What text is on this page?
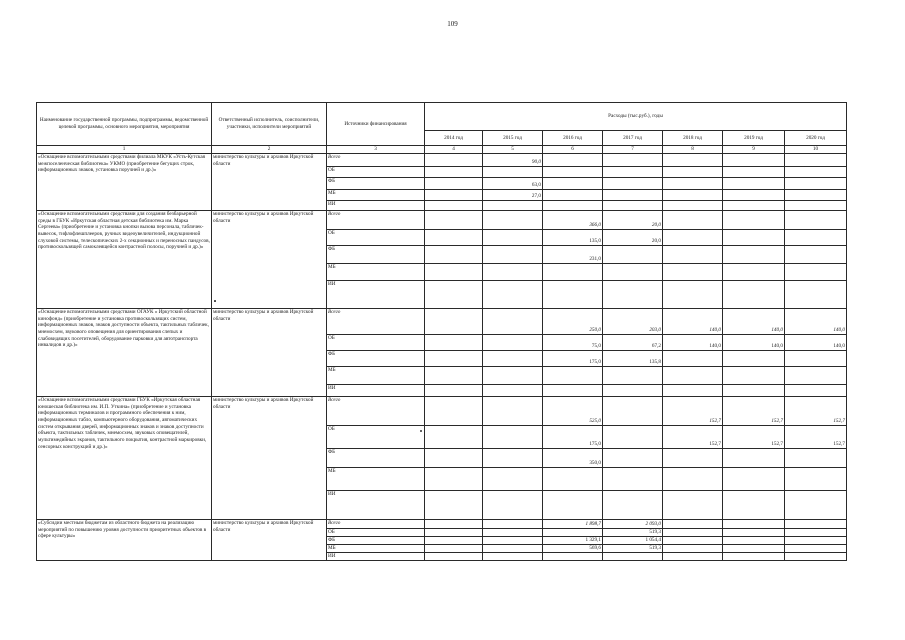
109
Наименование государственной программы, подпрограммы, ведомственной целевой программы, основного мероприятия, мероприятия	Ответственный исполнитель, соисполнители, участники, исполнители мероприятий	Источники финансирования	Расходы (тыс.руб.), годы						
			2014 год	2015 год	2016 год	2017 год	2018 год	2019 год	2020 год
1	2	3	4	5	6	7	8	9	10
«Оснащение вспомогательными средствами филиала МКУК «Усть-Кутская межпоселенческая библиотека» УКМО (приобретение бегущих строк, информационных знаков, установка поручней и др.)»	министерство культуры и архивов Иркутской области	Всего		90,0					
		ОБ							
		ФБ		63,0					
		МБ		27,0					
		ИИ							
«Оснащение вспомогательными средствами для создания безбарьерной среды в ГБУК «Иркутская областная детская библиотека им. Марка Сергеева» (приобретение и установка кнопки вызова персонала, табличек-вывесок, тифлофлешплееров, ручных видеоувеличителей, индукционной слуховой системы, телескопических 2-х секционных и переносных пандусов, противоскользящей самоклеящейся контрастной полосы, поручней и др.)»	министерство культуры и архивов Иркутской области	Всего			366,0	20,0			
		ОБ			135,0	20,0			
		ФБ			231,0				
		МБ							
		ИИ							
«Оснащение вспомогательными средствами ОГАУК « Иркутский областной кинофонд» (приобретение и установка противоскользящих систем, информационных знаков, знаков доступности объекта, тактильных табличек, мнемосхем, звукового оповещения для ориентирования слепых и слабовидящих посетителей, оборудование парковки для автотранспорта инвалидов и др.)»	министерство культуры и архивов Иркутской области	Всего			250,0	203,0	140,0	140,0	140,0
		ОБ			75,0	67,2	140,0	140,0	140,0
		ФБ			175,0	135,8			
		МБ							
		ИИ							
«Оснащение вспомогательными средствами ГБУК «Иркутская областная юношеская библиотека им. И.П. Уткина» (приобретение и установка информационных терминалов и программного обеспечения к ним, информационных табло, компьютерного оборудования, автоматических систем открывания дверей, информационных знаков и знаков доступности объекта, тактильных табличек, мнемосхем, звуковых оповещателей, мультимедийных экранов, тактильного покрытия, контрастной маркировки, сенсорных конструкций и др.)»	министерство культуры и архивов Иркутской области	Всего			525,0		152,7	152,7	152,7
		ОБ			175,0		152,7	152,7	152,7
		ФБ			350,0				
		МБ							
		ИИ							
«Субсидии местным бюджетам из областного бюджета на реализацию мероприятий по повышению уровня доступности приоритетных объектов в сфере культуры»	министерство культуры и архивов Иркутской области	Всего			1 898,7	2 093,0			
		ОБ				519,3			
		ФБ			1 329,1	1 054,4			
		МБ			569,6	519,3			
		ИИ							
